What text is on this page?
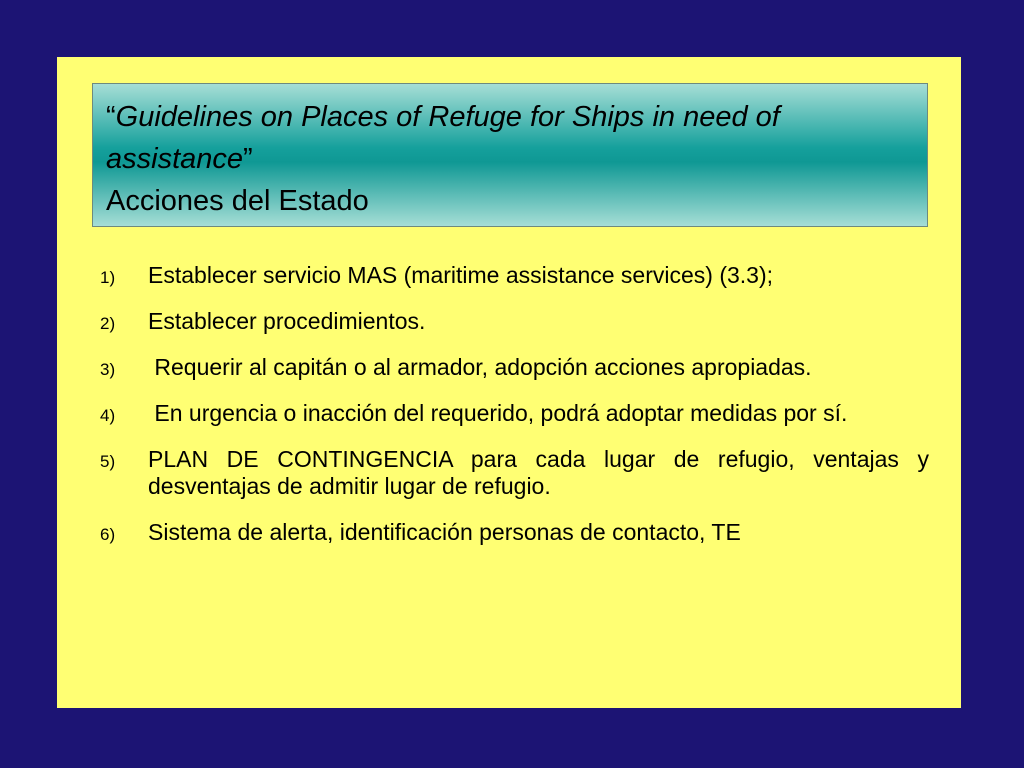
“Guidelines on Places of Refuge for Ships in need of assistance”
Acciones del Estado
1) Establecer servicio MAS (maritime assistance services) (3.3);
2) Establecer procedimientos.
3) Requerir al capitán o al armador, adopción acciones apropiadas.
4) En urgencia o inacción del requerido, podrá adoptar medidas por sí.
5) PLAN DE CONTINGENCIA para cada lugar de refugio, ventajas y desventajas de admitir lugar de refugio.
6) Sistema de alerta, identificación personas de contacto, TE
